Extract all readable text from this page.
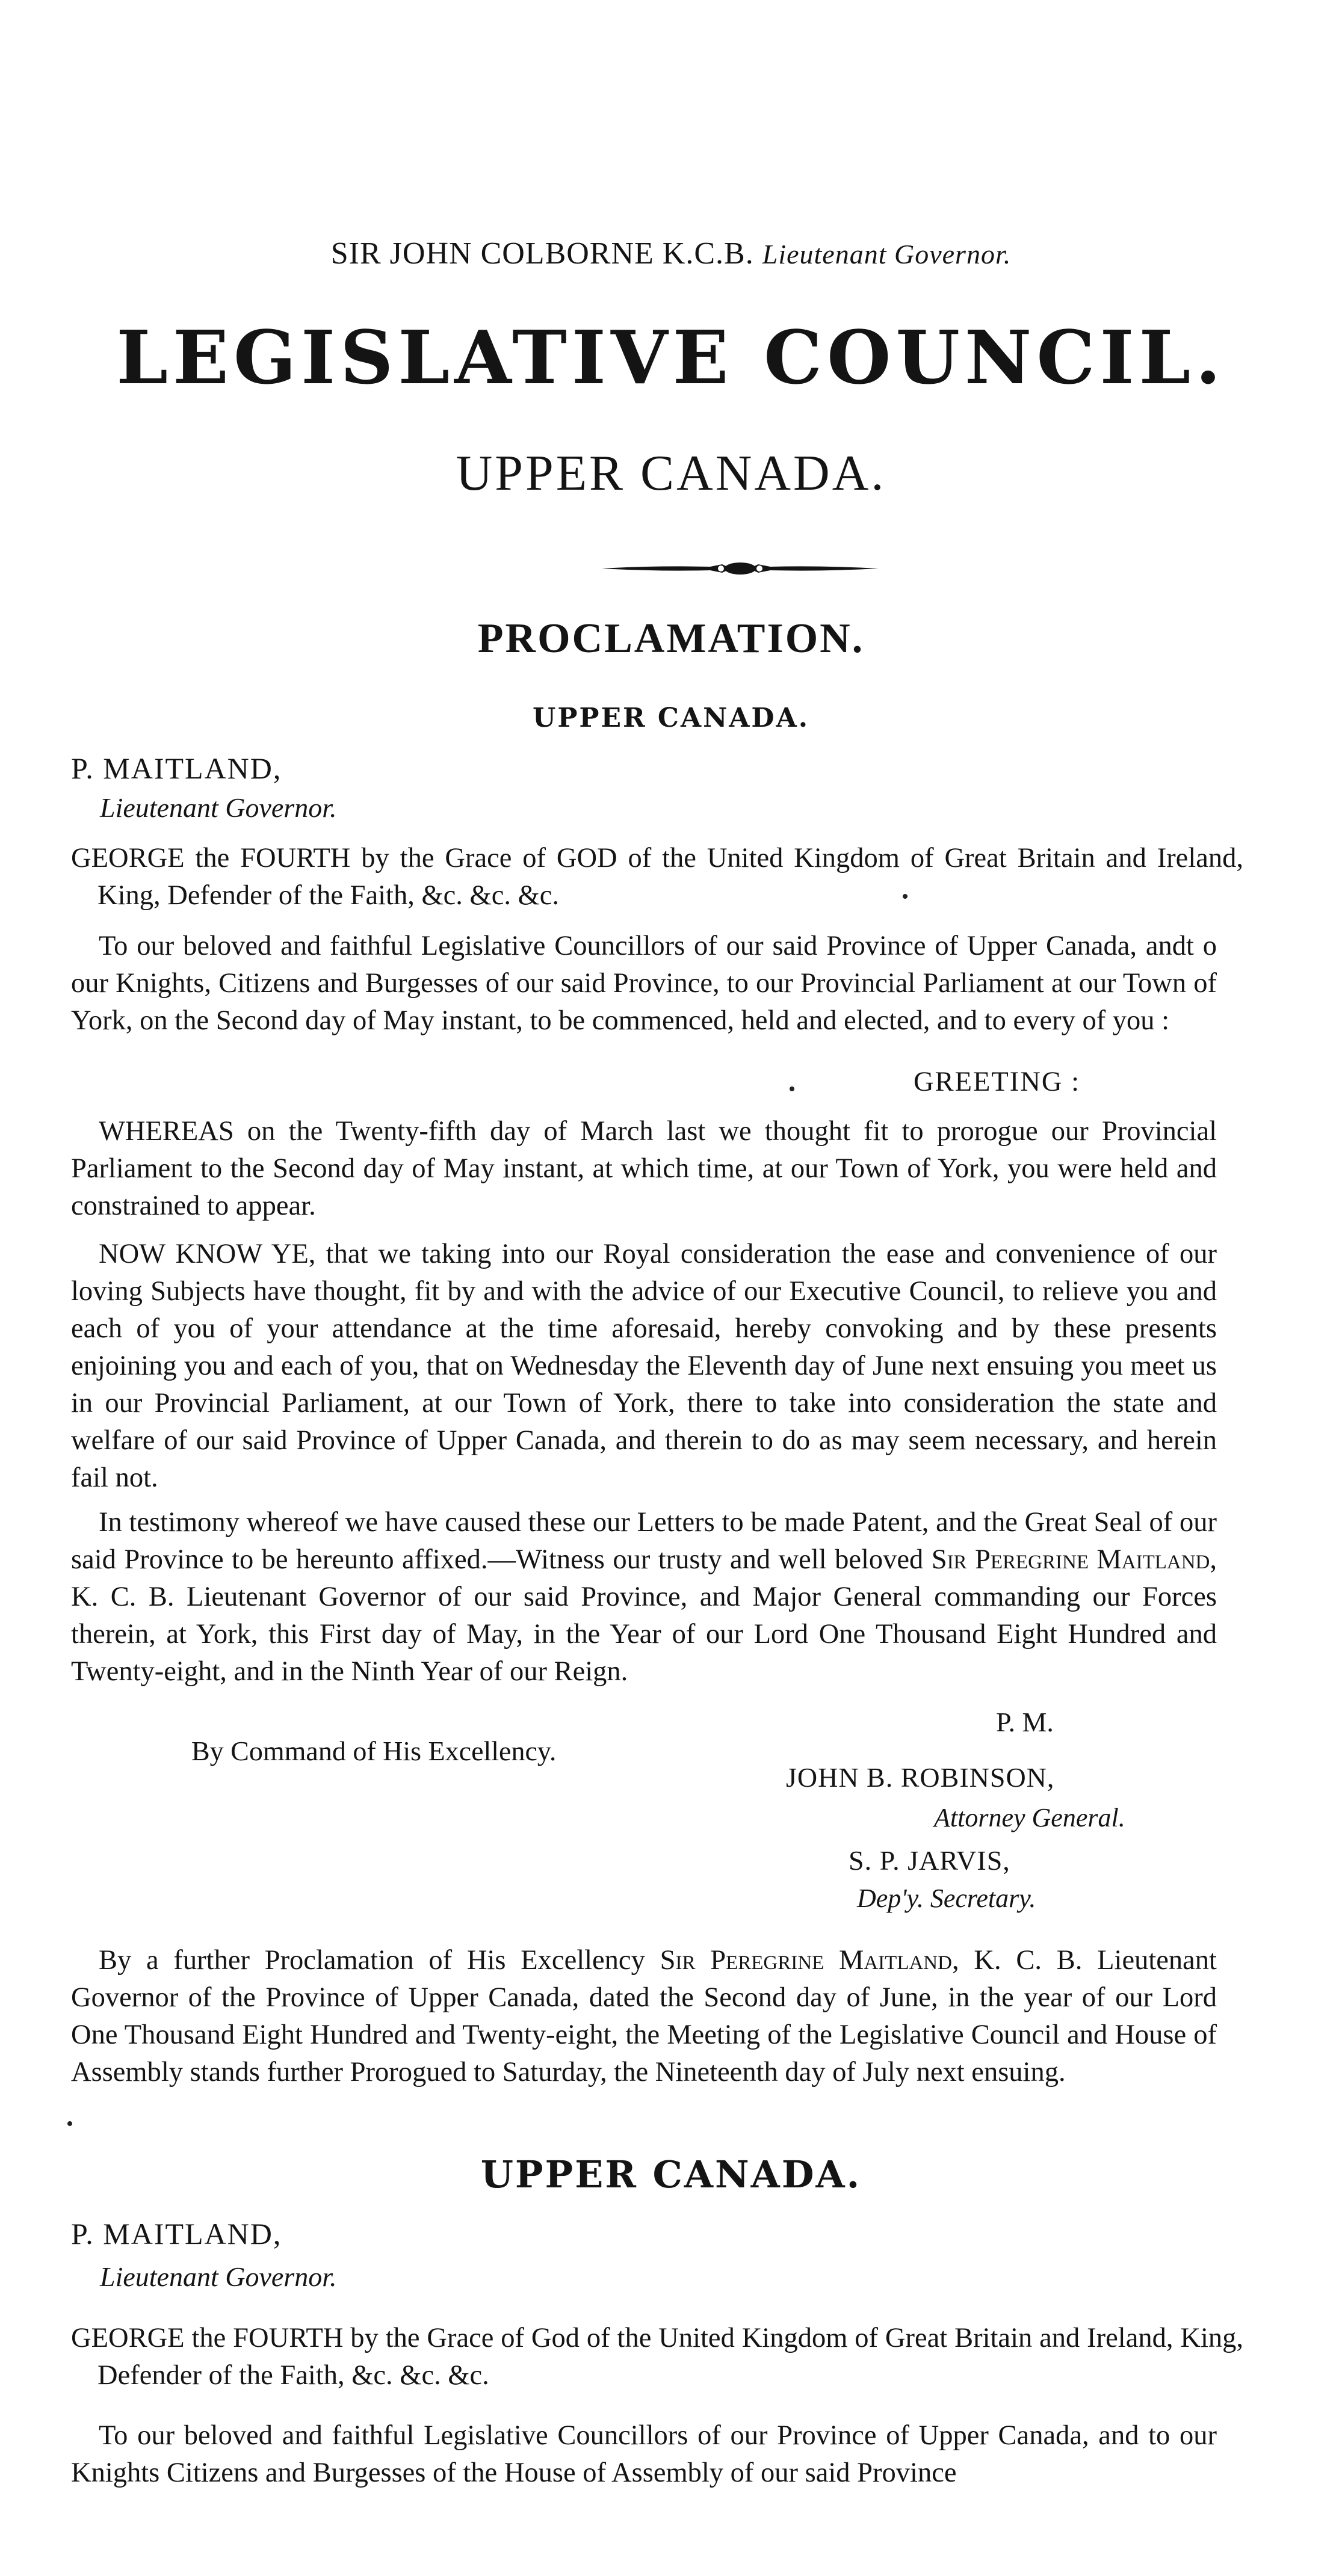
SIR JOHN COLBORNE K.C.B. Lieutenant Governor.

LEGISLATIVE COUNCIL.

UPPER CANADA.

PROCLAMATION.

UPPER CANADA.

P. MAITLAND,

Lieutenant Governor.

GEORGE the FOURTH by the Grace of GOD of the United Kingdom of Great Britain and Ireland, King, Defender of the Faith, &c. &c. &c.

To our beloved and faithful Legislative Councillors of our said Province of Upper Canada, andt o our Knights, Citizens and Burgesses of our said Province, to our Provincial Parliament at our Town of York, on the Second day of May instant, to be commenced, held and elected, and to every of you :

GREETING :

WHEREAS on the Twenty-fifth day of March last we thought fit to prorogue our Provincial Parliament to the Second day of May instant, at which time, at our Town of York, you were held and constrained to appear.

NOW KNOW YE, that we taking into our Royal consideration the ease and convenience of our loving Subjects have thought, fit by and with the advice of our Executive Council, to relieve you and each of you of your attendance at the time aforesaid, hereby convoking and by these presents enjoining you and each of you, that on Wednesday the Eleventh day of June next ensuing you meet us in our Provincial Parliament, at our Town of York, there to take into consideration the state and welfare of our said Province of Upper Canada, and therein to do as may seem necessary, and herein fail not.

In testimony whereof we have caused these our Letters to be made Patent, and the Great Seal of our said Province to be hereunto affixed.—Witness our trusty and well beloved Sir Peregrine Maitland, K. C. B. Lieutenant Governor of our said Province, and Major General commanding our Forces therein, at York, this First day of May, in the Year of our Lord One Thousand Eight Hundred and Twenty-eight, and in the Ninth Year of our Reign.

P. M.

By Command of His Excellency.

JOHN B. ROBINSON,

Attorney General.

S. P. JARVIS,

Dep'y. Secretary.

By a further Proclamation of His Excellency Sir Peregrine Maitland, K. C. B. Lieutenant Governor of the Province of Upper Canada, dated the Second day of June, in the year of our Lord One Thousand Eight Hundred and Twenty-eight, the Meeting of the Legislative Council and House of Assembly stands further Prorogued to Saturday, the Nineteenth day of July next ensuing.

UPPER CANADA.

P. MAITLAND,

Lieutenant Governor.

GEORGE the FOURTH by the Grace of God of the United Kingdom of Great Britain and Ireland, King, Defender of the Faith, &c. &c. &c.

To our beloved and faithful Legislative Councillors of our Province of Upper Canada, and to our Knights Citizens and Burgesses of the House of Assembly of our said Province
